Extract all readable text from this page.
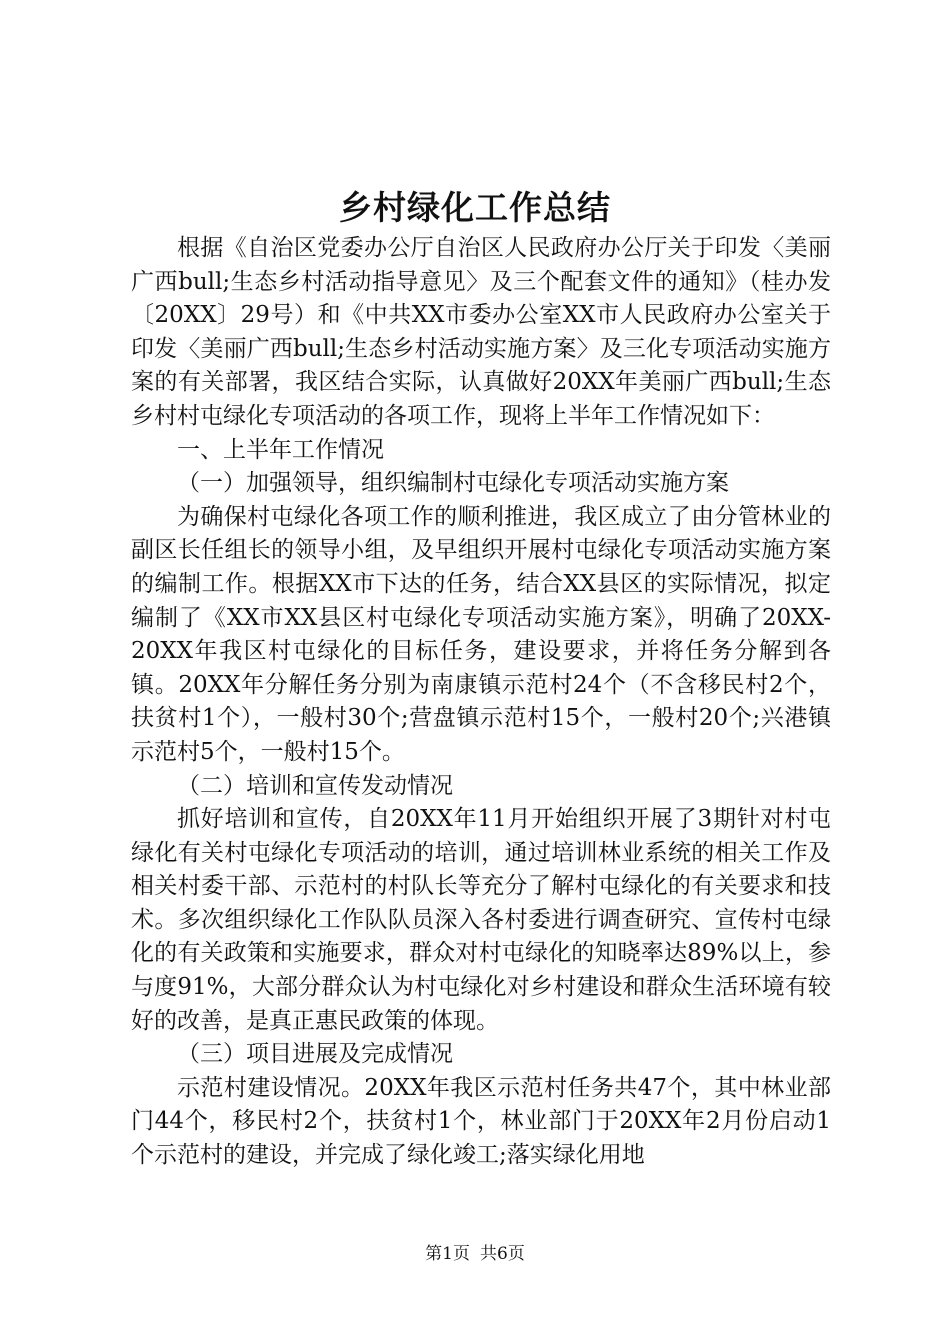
乡村绿化工作总结

根据《自治区党委办公厅自治区人民政府办公厅关于印发〈美丽广西bull;生态乡村活动指导意见〉及三个配套文件的通知》（桂办发〔20XX〕29号）和《中共XX市委办公室XX市人民政府办公室关于印发〈美丽广西bull;生态乡村活动实施方案〉及三化专项活动实施方案的有关部署，我区结合实际，认真做好20XX年美丽广西bull;生态乡村村屯绿化专项活动的各项工作，现将上半年工作情况如下：

一、上半年工作情况

（一）加强领导，组织编制村屯绿化专项活动实施方案

为确保村屯绿化各项工作的顺利推进，我区成立了由分管林业的副区长任组长的领导小组，及早组织开展村屯绿化专项活动实施方案的编制工作。根据XX市下达的任务，结合XX县区的实际情况，拟定编制了《XX市XX县区村屯绿化专项活动实施方案》，明确了20XX-20XX年我区村屯绿化的目标任务，建设要求，并将任务分解到各镇。20XX年分解任务分别为南康镇示范村24个（不含移民村2个，扶贫村1个），一般村30个;营盘镇示范村15个，一般村20个;兴港镇示范村5个，一般村15个。

（二）培训和宣传发动情况

抓好培训和宣传，自20XX年11月开始组织开展了3期针对村屯绿化有关村屯绿化专项活动的培训，通过培训林业系统的相关工作及相关村委干部、示范村的村队长等充分了解村屯绿化的有关要求和技术。多次组织绿化工作队队员深入各村委进行调查研究、宣传村屯绿化的有关政策和实施要求，群众对村屯绿化的知晓率达89%以上，参与度91%，大部分群众认为村屯绿化对乡村建设和群众生活环境有较好的改善，是真正惠民政策的体现。

（三）项目进展及完成情况

示范村建设情况。20XX年我区示范村任务共47个，其中林业部门44个，移民村2个，扶贫村1个，林业部门于20XX年2月份启动1个示范村的建设，并完成了绿化竣工;落实绿化用地

第1页 共6页
